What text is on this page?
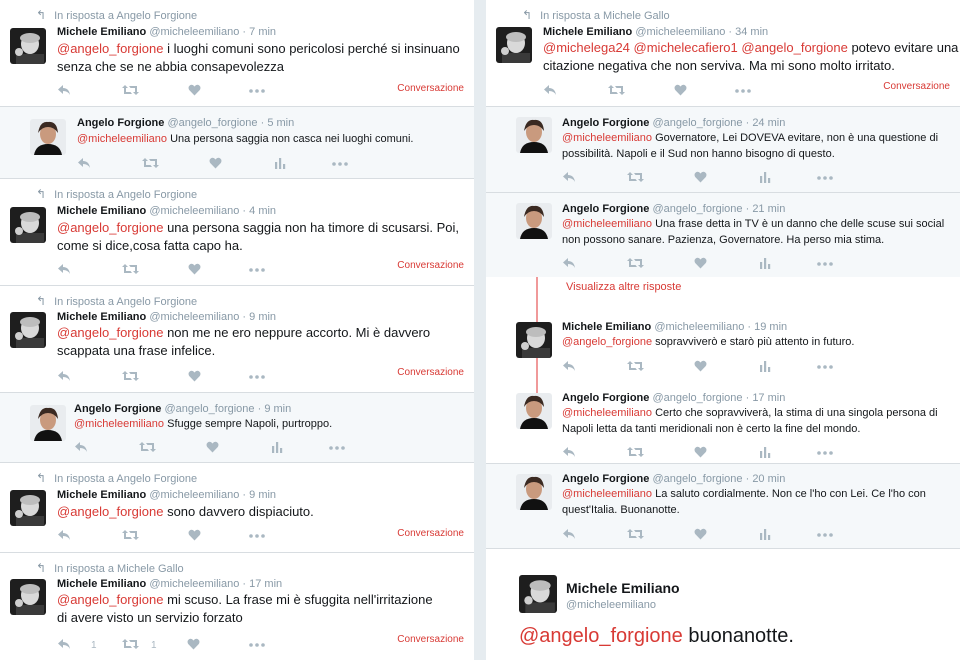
↰ In risposta a Angelo Forgione
Michele Emiliano @micheleemiliano · 7 min
@angelo_forgione i luoghi comuni sono pericolosi perché si insinuano
senza che se ne abbia consapevolezza
Conversazione
Angelo Forgione @angelo_forgione · 5 min
@micheleemiliano Una persona saggia non casca nei luoghi comuni.
↰ In risposta a Angelo Forgione
Michele Emiliano @micheleemiliano · 4 min
@angelo_forgione una persona saggia non ha timore di scusarsi. Poi,
come si dice,cosa fatta capo ha.
Conversazione
↰ In risposta a Angelo Forgione
Michele Emiliano @micheleemiliano · 9 min
@angelo_forgione non me ne ero neppure accorto. Mi è davvero
scappata una frase infelice.
Conversazione
Angelo Forgione @angelo_forgione · 9 min
@micheleemiliano Sfugge sempre Napoli, purtroppo.
↰ In risposta a Angelo Forgione
Michele Emiliano @micheleemiliano · 9 min
@angelo_forgione sono davvero dispiaciuto.
Conversazione
↰ In risposta a Michele Gallo
Michele Emiliano @micheleemiliano · 17 min
@angelo_forgione mi scuso. La frase mi è sfuggita nell'irritazione
di avere visto un servizio forzato
1	1
Conversazione
↰ In risposta a Michele Gallo
Michele Emiliano @micheleemiliano · 34 min
@michelega24 @michelecafiero1 @angelo_forgione potevo evitare una
citazione negativa che non serviva. Ma mi sono molto irritato.
Conversazione
Angelo Forgione @angelo_forgione · 24 min
@micheleemiliano Governatore, Lei DOVEVA evitare, non è una questione di
possibilità. Napoli e il Sud non hanno bisogno di questo.
Angelo Forgione @angelo_forgione · 21 min
@micheleemiliano Una frase detta in TV è un danno che delle scuse sui social
non possono sanare. Pazienza, Governatore. Ha perso mia stima.
Visualizza altre risposte
Michele Emiliano @micheleemiliano · 19 min
@angelo_forgione sopravviverò e starò più attento in futuro.
Angelo Forgione @angelo_forgione · 17 min
@micheleemiliano Certo che sopravviverà, la stima di una singola persona di
Napoli letta da tanti meridionali non è certo la fine del mondo.
Angelo Forgione @angelo_forgione · 20 min
@micheleemiliano La saluto cordialmente. Non ce l'ho con Lei. Ce l'ho con
quest'Italia. Buonanotte.
Michele Emiliano
@micheleemiliano
@angelo_forgione buonanotte.
